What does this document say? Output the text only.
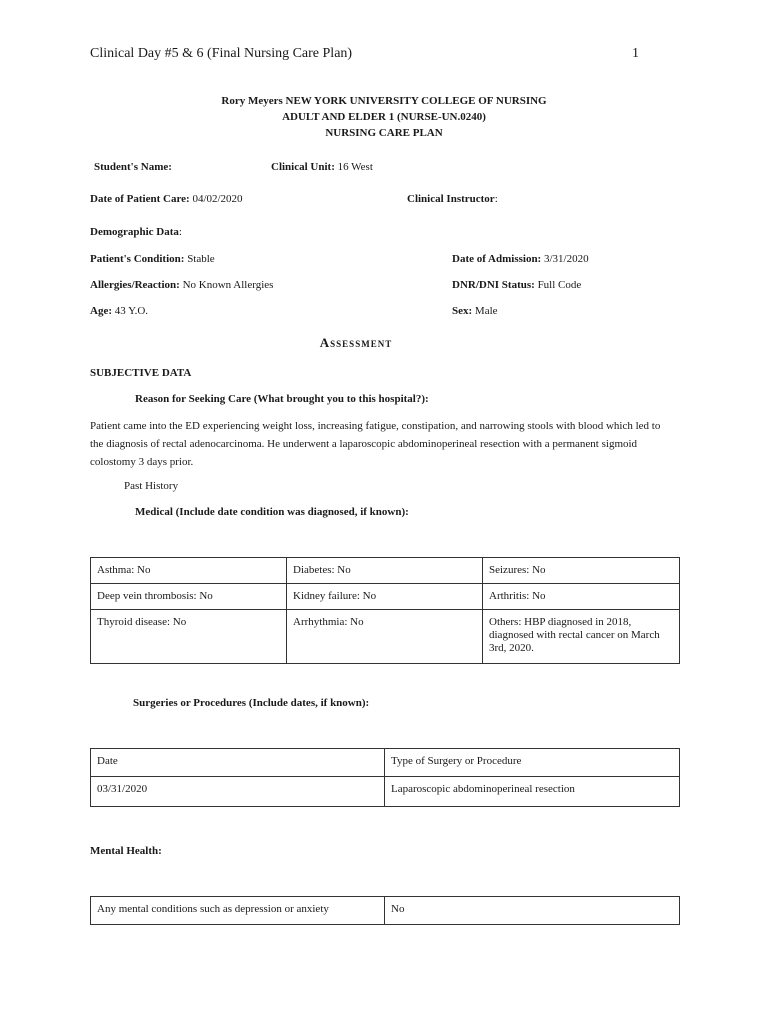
Clinical Day #5 & 6 (Final Nursing Care Plan)	1
Rory Meyers NEW YORK UNIVERSITY COLLEGE OF NURSING
ADULT AND ELDER 1 (NURSE-UN.0240)
NURSING CARE PLAN
Student's Name:	Clinical Unit: 16 West
Date of Patient Care: 04/02/2020	Clinical Instructor:
Demographic Data:
Patient's Condition: Stable	Date of Admission: 3/31/2020
Allergies/Reaction: No Known Allergies	DNR/DNI Status: Full Code
Age: 43 Y.O.	Sex: Male
Assessment
SUBJECTIVE DATA
Reason for Seeking Care (What brought you to this hospital?):
Patient came into the ED experiencing weight loss, increasing fatigue, constipation, and narrowing stools with blood which led to
the diagnosis of rectal adenocarcinoma. He underwent a laparoscopic abdominoperineal resection with a permanent sigmoid
colostomy 3 days prior.
Past History
Medical (Include date condition was diagnosed, if known):
Asthma: No	Diabetes: No	Seizures: No
Deep vein thrombosis: No	Kidney failure: No	Arthritis: No
Thyroid disease: No	Arrhythmia: No	Others: HBP diagnosed in 2018, diagnosed with rectal cancer on March 3rd, 2020.
Surgeries or Procedures (Include dates, if known):
Date	Type of Surgery or Procedure
03/31/2020	Laparoscopic abdominoperineal resection
Mental Health:
Any mental conditions such as depression or anxiety	No
